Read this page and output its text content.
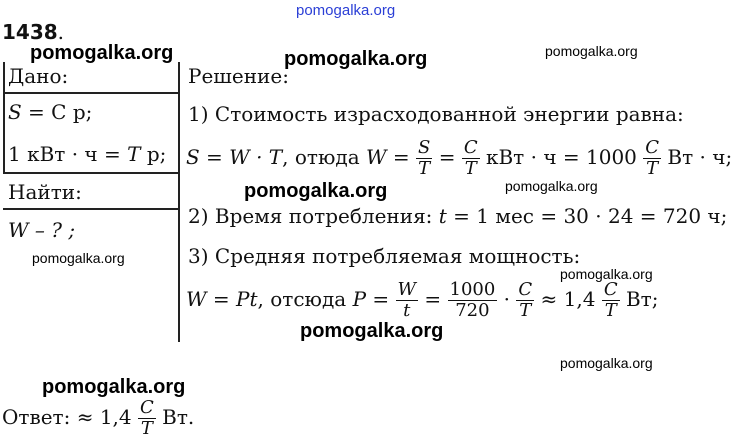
pomogalka.org
1438.
pomogalka.org	pomogalka.org	pomogalka.org
pomogalka.org	pomogalka.org
pomogalka.org
pomogalka.org
pomogalka.org
pomogalka.org
pomogalka.org
Дано:
S = C р;
1 кВт · ч = T р;
Найти:
W – ? ;
Решение:
1) Стоимость израсходованной энергии равна:
S = W · T, отюда $W = \frac{S}{T} = \frac{C}{T}$ кВт · $ч = 1000 \frac{C}{T}$ Вт · ч;
2) Время потребления: t = 1 мес = 30 · 24 = 720 ч;
3) Средняя потребляемая мощность:
W = Pt, отсюда $P = \frac{W}{t} = \frac{1000}{720} \cdot \frac{C}{T} \approx 1,4 \frac{C}{T}$ Вт;
Ответ: ≈ $1,4 \frac{C}{T}$ Вт.
